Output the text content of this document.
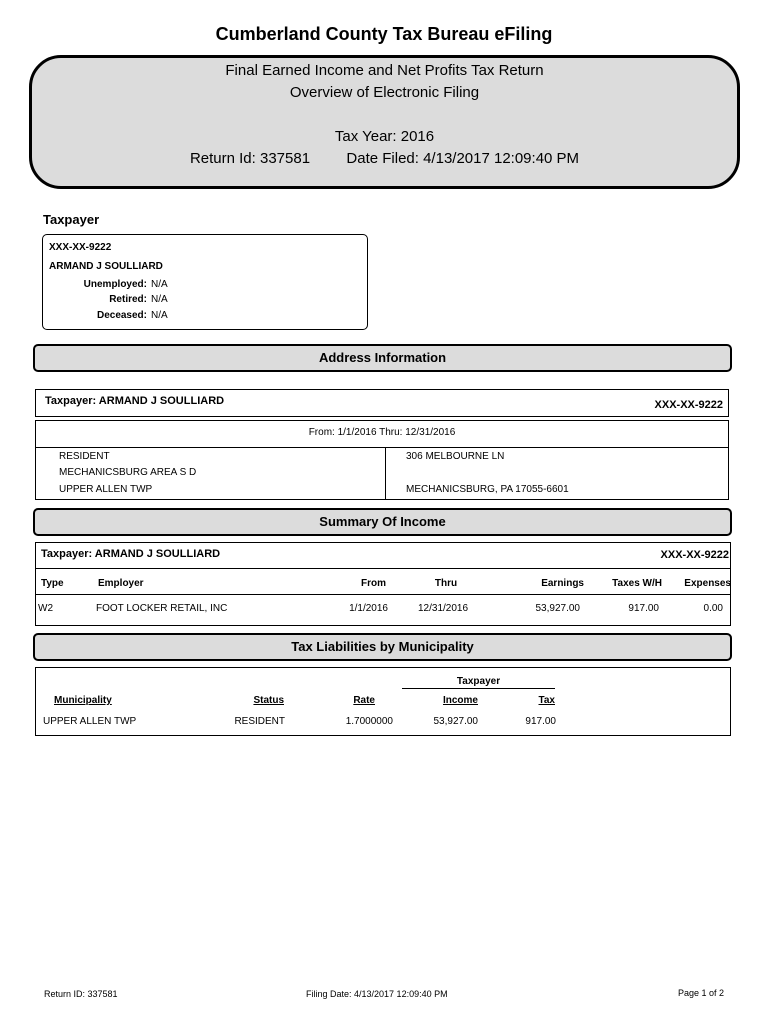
Cumberland County Tax Bureau eFiling
Final Earned Income and Net Profits Tax Return
Overview of Electronic Filing
Tax Year: 2016
Return Id: 337581 Date Filed: 4/13/2017 12:09:40 PM
Taxpayer
XXX-XX-9222
ARMAND J SOULLIARD
Unemployed: N/A
Retired: N/A
Deceased: N/A
Address Information
Taxpayer: ARMAND J SOULLIARD	XXX-XX-9222
From: 1/1/2016 Thru: 12/31/2016
RESIDENT
MECHANICSBURG AREA S D
UPPER ALLEN TWP
306 MELBOURNE LN
MECHANICSBURG, PA 17055-6601
Summary Of Income
Taxpayer: ARMAND J SOULLIARD	XXX-XX-9222
Type	Employer	From	Thru	Earnings	Taxes W/H	Expenses
W2	FOOT LOCKER RETAIL, INC	1/1/2016	12/31/2016	53,927.00	917.00	0.00
Tax Liabilities by Municipality
Taxpayer
Municipality	Status	Rate	Income	Tax
UPPER ALLEN TWP	RESIDENT	1.7000000	53,927.00	917.00
Return ID: 337581	Filing Date: 4/13/2017 12:09:40 PM	Page 1 of 2
